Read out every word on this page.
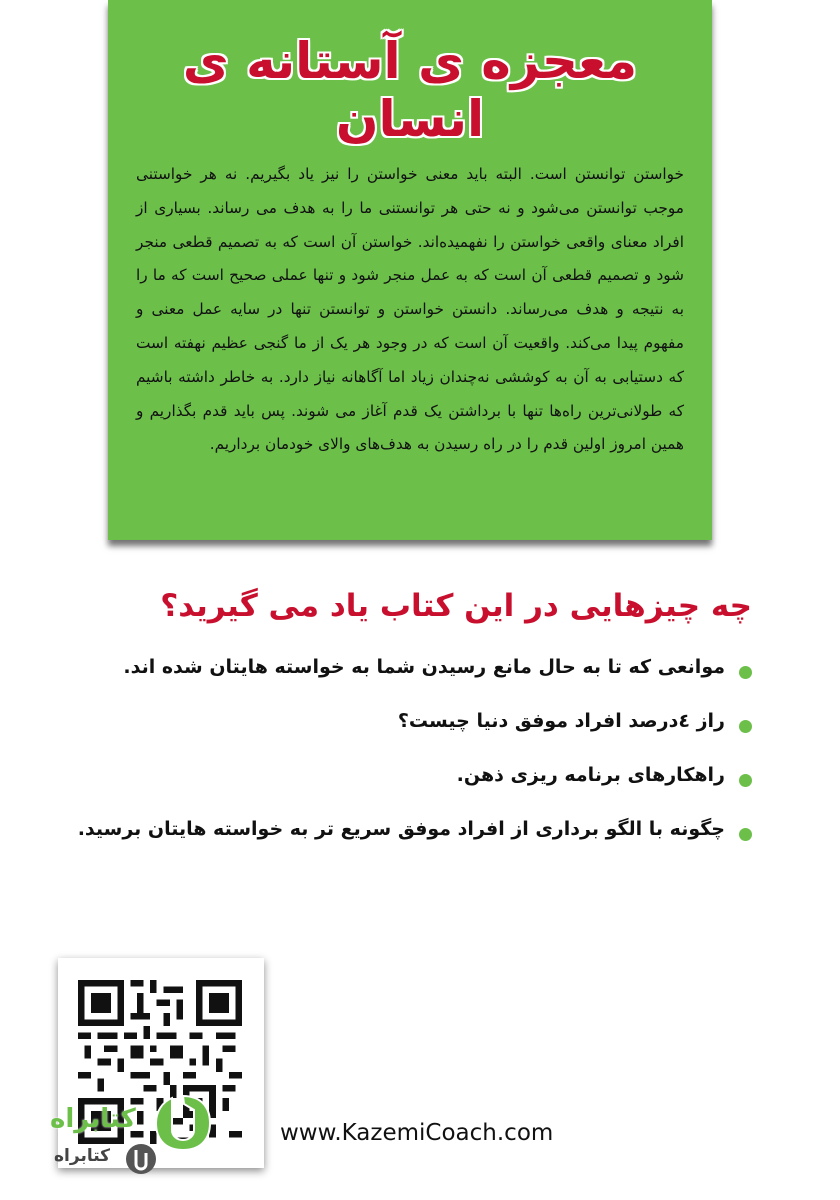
معجزه ی آستانه ی انسان
خواستن توانستن است. البته باید معنی خواستن را نیز یاد بگیریم. نه هر خواستنی موجب توانستن می‌شود و نه حتی هر توانستنی ما را به هدف می رساند. بسیاری از افراد معنای واقعی خواستن را نفهمیده‌اند. خواستن آن است که به تصمیم قطعی منجر شود و تصمیم قطعی آن است که به عمل منجر شود و تنها عملی صحیح است که ما را به نتیجه و هدف می‌رساند. دانستن خواستن و توانستن تنها در سایه عمل معنی و مفهوم پیدا می‌کند. واقعیت آن است که در وجود هر یک از ما گنجی عظیم نهفته است که دستیابی به آن به کوششی نه‌چندان زیاد اما آگاهانه نیاز دارد. به خاطر داشته باشیم که طولانی‌ترین راه‌ها تنها با برداشتن یک قدم آغاز می شوند. پس باید قدم بگذاریم و همین امروز اولین قدم را در راه رسیدن به هدف‌های والای خودمان برداریم.
چه چیزهایی در این کتاب یاد می گیرید؟
موانعی که تا به حال مانع رسیدن شما به خواسته هایتان شده اند.
راز ٤درصد افراد موفق دنیا چیست؟
راهکارهای برنامه ریزی ذهن.
چگونه با الگو برداری از افراد موفق سریع تر به خواسته هایتان برسید.
www.KazemiCoach.com
کتابراه
کتابراه
